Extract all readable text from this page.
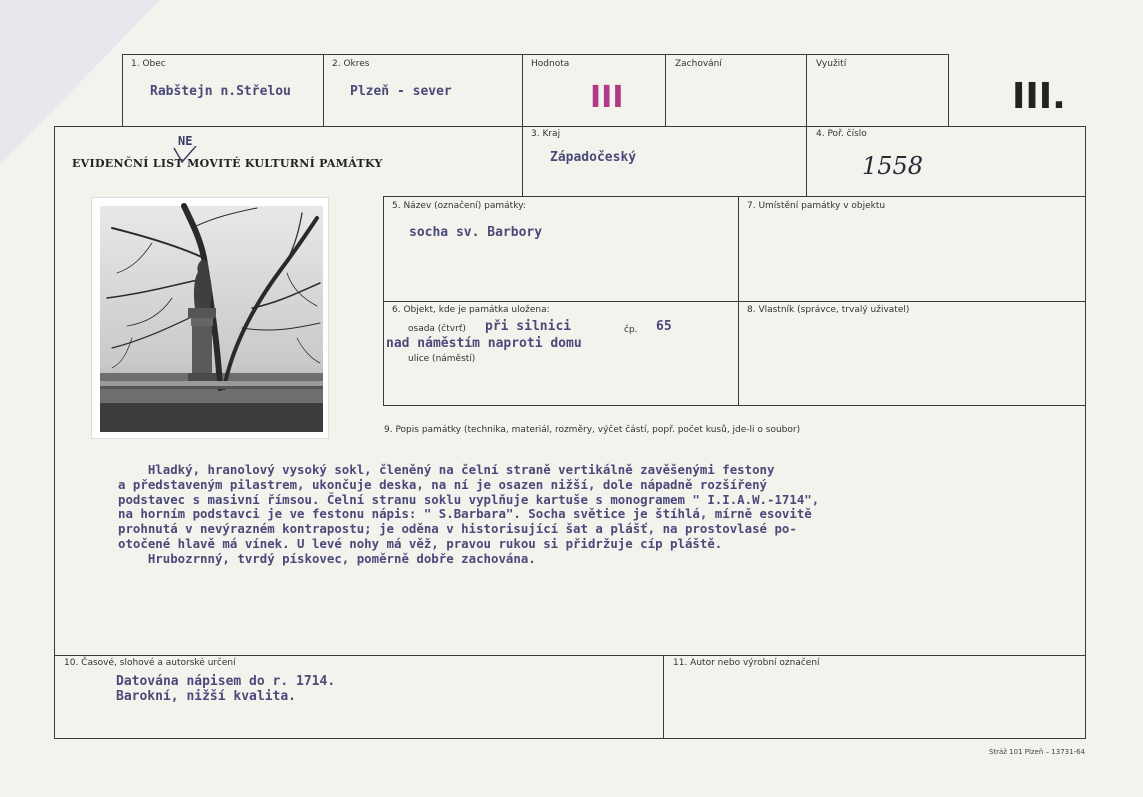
1. Obec
Rabštejn n.Střelou
2. Okres
Plzeň - sever
Hodnota
III
Zachování	Využití
III.
EVIDENČNÍ LIST MOVITÉ KULTURNÍ PAMÁTKY
NE	3. Kraj
Západočeský
4. Poř. číslo
1558
5. Název (označení) památky:
socha sv. Barbory
7. Umístění památky v objektu
6. Objekt, kde je památka uložena:
osada (čtvrť) při silnici	čp. 65
nad náměstím naproti domu
ulice (náměstí)
8. Vlastník (správce, trvalý uživatel)
9. Popis památky (technika, materiál, rozměry, výčet částí, popř. počet kusů, jde-li o soubor)
Hladký, hranolový vysoký sokl, členěný na čelní straně vertikálně zavěšenými festony
a představeným pilastrem, ukončuje deska, na ní je osazen nižší, dole nápadně rozšířený
podstavec s masivní římsou. Čelní stranu soklu vyplňuje kartuše s monogramem " I.I.A.W.-1714",
na horním podstavci je ve festonu nápis: " S.Barbara". Socha světice je štíhlá, mírně esovitě
prohnutá v nevýrazném kontrapostu; je oděna v historisující šat a plášť, na prostovlasé po-
otočené hlavě má vínek. U levé nohy má věž, pravou rukou si přidržuje cíp pláště.
Hrubozrnný, tvrdý pískovec, poměrně dobře zachována.
10. Časové, slohové a autorské určení
Datována nápisem do r. 1714.
Barokní, nižší kvalita.
11. Autor nebo výrobní označení
Stráž 101 Plzeň – 13731-64
